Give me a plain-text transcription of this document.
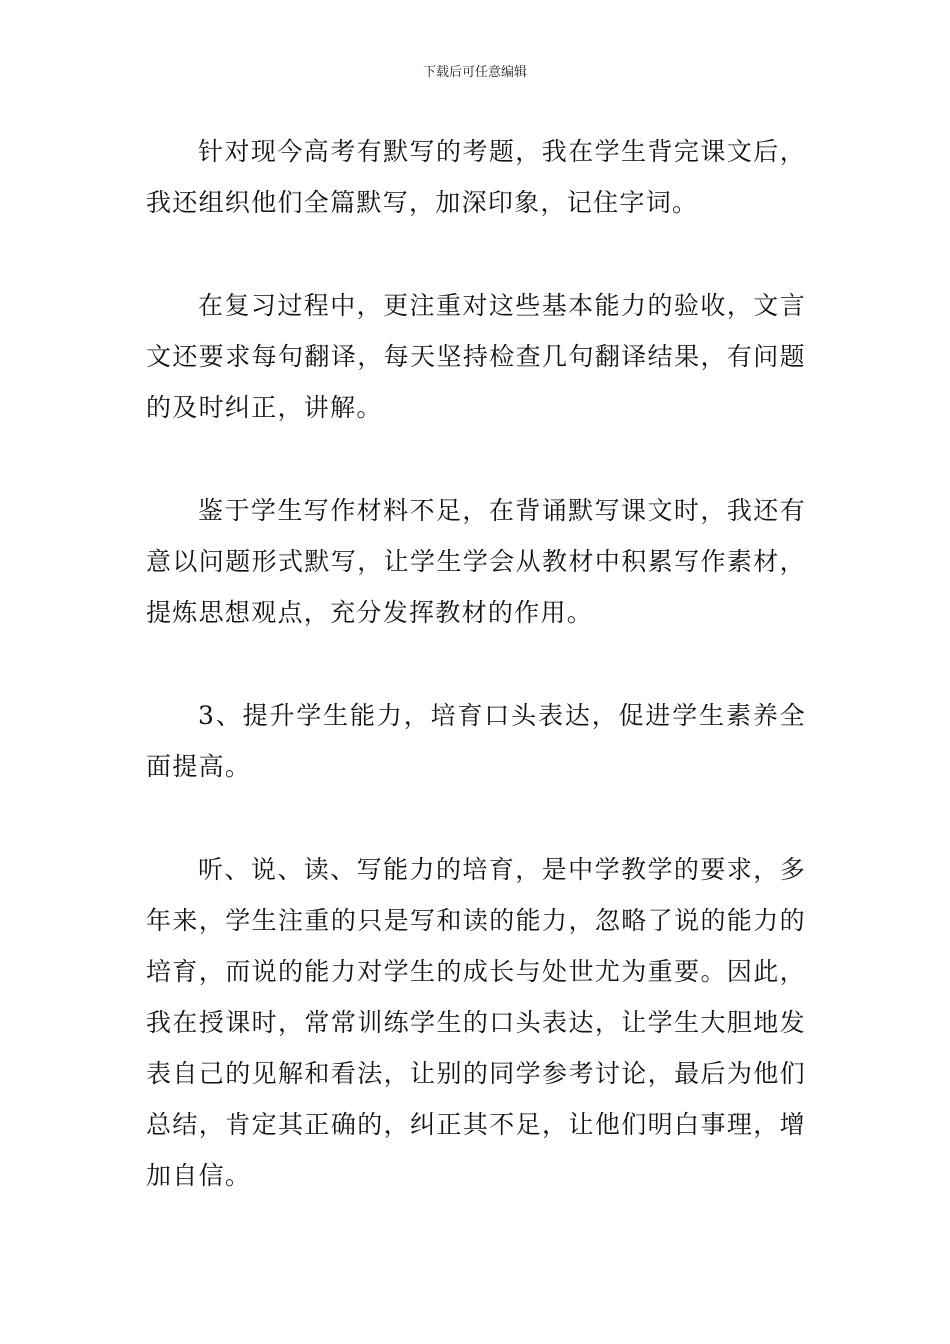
下载后可任意编辑

针对现今高考有默写的考题，我在学生背完课文后，我还组织他们全篇默写，加深印象，记住字词。

在复习过程中，更注重对这些基本能力的验收，文言文还要求每句翻译，每天坚持检查几句翻译结果，有问题的及时纠正，讲解。

鉴于学生写作材料不足，在背诵默写课文时，我还有意以问题形式默写，让学生学会从教材中积累写作素材，提炼思想观点，充分发挥教材的作用。

3、提升学生能力，培育口头表达，促进学生素养全面提高。

听、说、读、写能力的培育，是中学教学的要求，多年来，学生注重的只是写和读的能力，忽略了说的能力的培育，而说的能力对学生的成长与处世尤为重要。因此，我在授课时，常常训练学生的口头表达，让学生大胆地发表自己的见解和看法，让别的同学参考讨论，最后为他们总结，肯定其正确的，纠正其不足，让他们明白事理，增加自信。
